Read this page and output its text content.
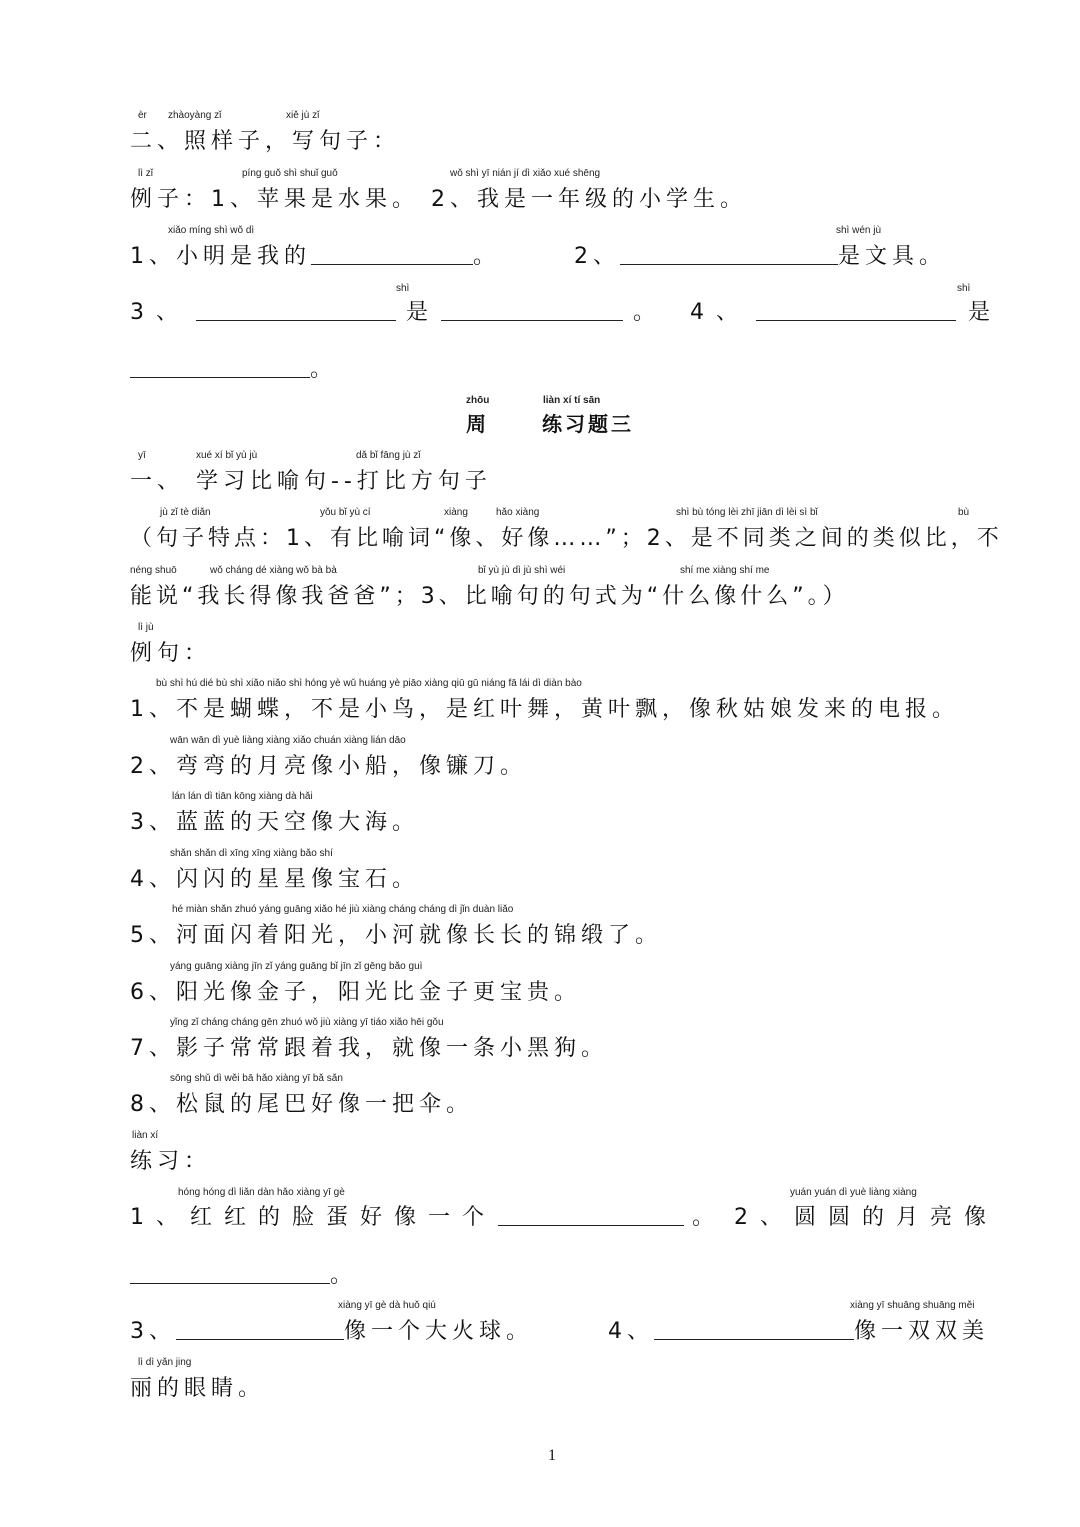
èr zhàoyàng zǐ	xiě jù zǐ
二、照样子，写句子：
lì zǐ	píng guǒ shì shuǐ guǒ	wǒ shì yī nián jí dì xiǎo xué shēng
例子：1、苹果是水果。 2、我是一年级的小学生。
xiǎo míng shì wǒ dì
1、小明是我的	。
shì wén jù
2、	是文具。
shì
3、	是	。
shì
4、	是
。
zhōu	liàn xí tí sān
周	练习题三
yī	xué xí bǐ yù jù	dǎ bǐ fāng jù zǐ
一、 学习比喻句--打比方句子
jù zǐ tè diǎn	yǒu bǐ yù cí	xiàng	hǎo xiàng	shì bù tóng lèi zhī jiān dì lèi sì bǐ	bù
（句子特点：1、有比喻词“像、好像……”；2、是不同类之间的类似比，不
néng shuō	wǒ cháng dé xiàng wǒ bà bà	bǐ yù jù dì jù shì wéi	shí me xiàng shí me
能说“我长得像我爸爸”；3、比喻句的句式为“什么像什么”。）
lì jù
例句：
bù shì hú dié bù shì xiǎo niǎo shì hóng yè wǔ huáng yè piāo xiàng qiū gū niáng fā lái dì diàn bào
1、不是蝴蝶，不是小鸟，是红叶舞，黄叶飘，像秋姑娘发来的电报。
wān wān dì yuè liàng xiàng xiǎo chuán xiàng lián dāo
2、弯弯的月亮像小船，像镰刀。
lán lán dì tiān kōng xiàng dà hǎi
3、蓝蓝的天空像大海。
shǎn shǎn dì xīng xīng xiàng bǎo shí
4、闪闪的星星像宝石。
hé miàn shǎn zhuó yáng guāng xiǎo hé jiù xiàng cháng cháng dì jǐn duàn liǎo
5、河面闪着阳光，小河就像长长的锦缎了。
yáng guāng xiàng jīn zǐ yáng guāng bǐ jīn zǐ gēng bǎo guì
6、阳光像金子，阳光比金子更宝贵。
yǐng zǐ cháng cháng gēn zhuó wǒ jiù xiàng yī tiáo xiǎo hēi gǒu
7、影子常常跟着我，就像一条小黑狗。
sōng shǔ dì wěi bā hǎo xiàng yī bǎ sǎn
8、松鼠的尾巴好像一把伞。
liàn xí
练习：
hóng hóng dì liǎn dàn hǎo xiàng yī gè
1、红红的脸蛋好像一个	。
yuán yuán dì yuè liàng xiàng
2、圆圆的月亮像
。
xiàng yī gè dà huǒ qiú
3、	像一个大火球。
xiàng yī shuāng shuāng měi
4、	像一双双美
lì dì yǎn jing
丽的眼睛。
1
